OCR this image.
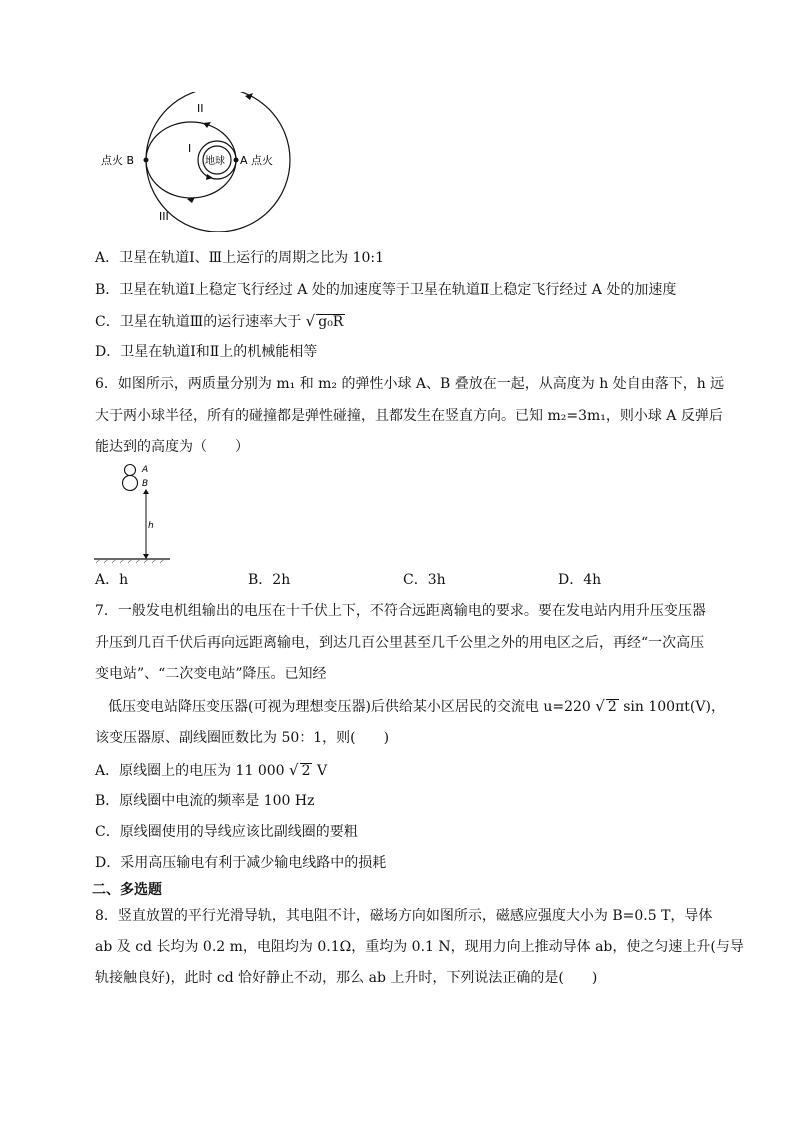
II
I
III
地球 A 点火
点火 B
A．卫星在轨道Ⅰ、Ⅲ上运行的周期之比为 10:1
B．卫星在轨道Ⅰ上稳定飞行经过 A 处的加速度等于卫星在轨道Ⅱ上稳定飞行经过 A 处的加速度
C．卫星在轨道Ⅲ的运行速率大于 √ g₀R
D．卫星在轨道Ⅰ和Ⅱ上的机械能相等
6．如图所示，两质量分别为 m₁ 和 m₂ 的弹性小球 A、B 叠放在一起，从高度为 h 处自由落下，h 远
大于两小球半径，所有的碰撞都是弹性碰撞，且都发生在竖直方向。已知 m₂=3m₁，则小球 A 反弹后
能达到的高度为（　　）
A
B
h
A．h	B．2h	C．3h	D．4h
7．一般发电机组输出的电压在十千伏上下，不符合远距离输电的要求。要在发电站内用升压变压器
升压到几百千伏后再向远距离输电，到达几百公里甚至几千公里之外的用电区之后，再经“一次高压
变电站”、“二次变电站”降压。已知经
低压变电站降压变压器(可视为理想变压器)后供给某小区居民的交流电 u=220 √ 2 sin 100πt(V)，
该变压器原、副线圈匝数比为 50：1，则(　　)
A．原线圈上的电压为 11 000 √ 2 V
B．原线圈中电流的频率是 100 Hz
C．原线圈使用的导线应该比副线圈的要粗
D．采用高压输电有利于减少输电线路中的损耗
二、多选题
8．竖直放置的平行光滑导轨，其电阻不计，磁场方向如图所示，磁感应强度大小为 B=0.5 T，导体
ab 及 cd 长均为 0.2 m，电阻均为 0.1Ω，重均为 0.1 N，现用力向上推动导体 ab，使之匀速上升(与导
轨接触良好)，此时 cd 恰好静止不动，那么 ab 上升时，下列说法正确的是(　　)
